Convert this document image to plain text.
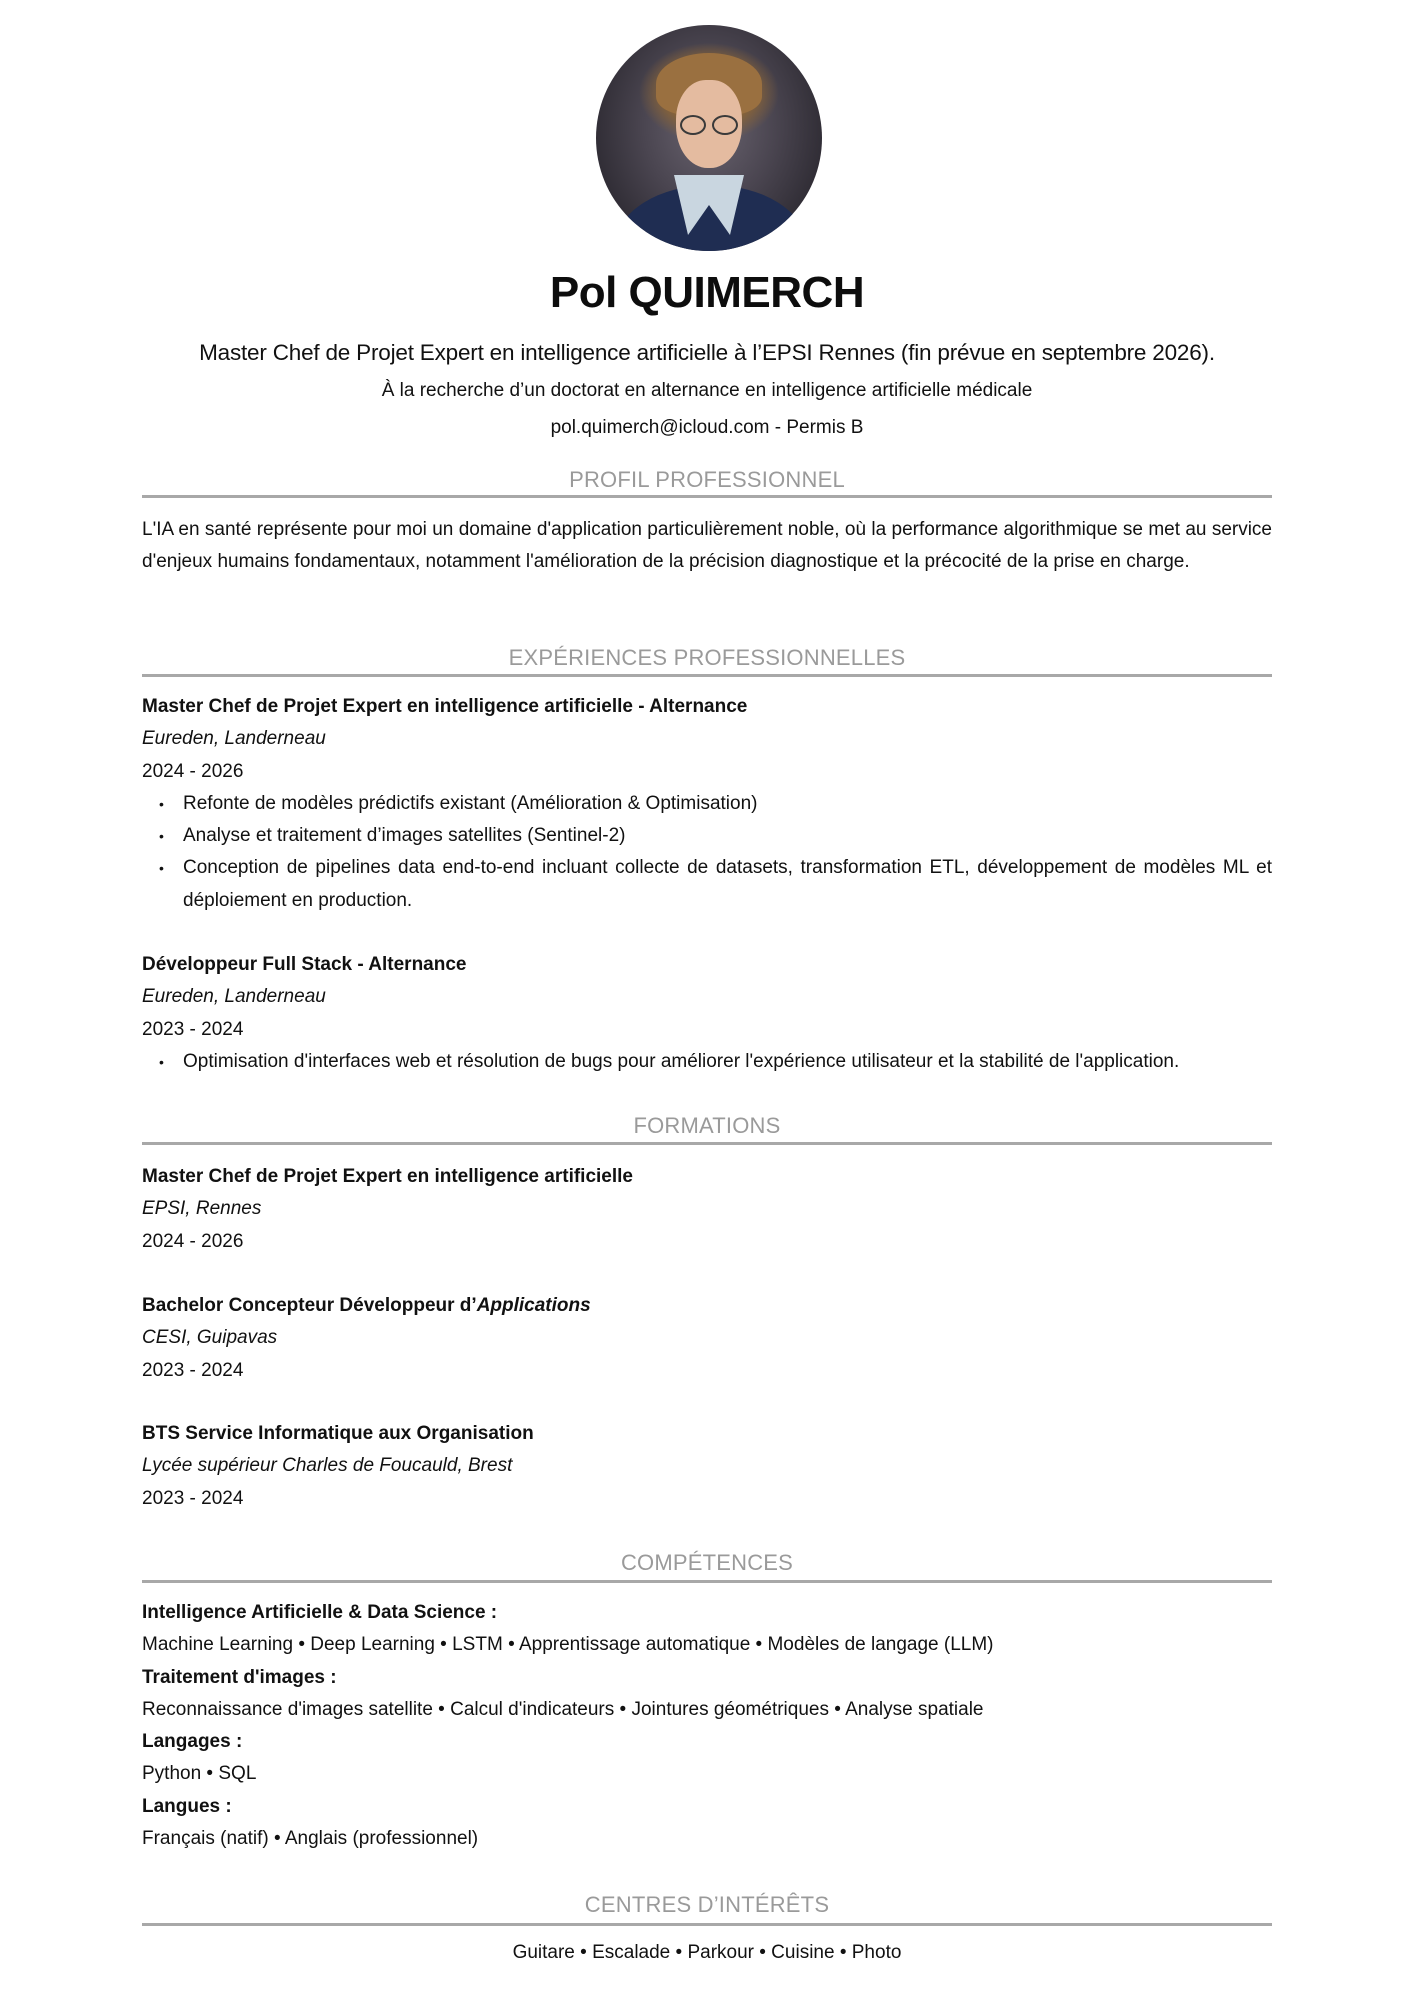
Pol QUIMERCH
Master Chef de Projet Expert en intelligence artificielle à l’EPSI Rennes (fin prévue en septembre 2026).
À la recherche d’un doctorat en alternance en intelligence artificielle médicale
pol.quimerch@icloud.com - Permis B
PROFIL PROFESSIONNEL
L'IA en santé représente pour moi un domaine d'application particulièrement noble, où la performance algorithmique se met au service d'enjeux humains fondamentaux, notamment l'amélioration de la précision diagnostique et la précocité de la prise en charge.
EXPÉRIENCES PROFESSIONNELLES
Master Chef de Projet Expert en intelligence artificielle - Alternance
Eureden, Landerneau
2024 - 2026
• Refonte de modèles prédictifs existant (Amélioration & Optimisation)
• Analyse et traitement d’images satellites (Sentinel-2)
• Conception de pipelines data end-to-end incluant collecte de datasets, transformation ETL, développement de modèles ML et déploiement en production.
Développeur Full Stack - Alternance
Eureden, Landerneau
2023 - 2024
• Optimisation d'interfaces web et résolution de bugs pour améliorer l'expérience utilisateur et la stabilité de l'application.
FORMATIONS
Master Chef de Projet Expert en intelligence artificielle
EPSI, Rennes
2024 - 2026
Bachelor Concepteur Développeur d’Applications
CESI, Guipavas
2023 - 2024
BTS Service Informatique aux Organisation
Lycée supérieur Charles de Foucauld, Brest
2023 - 2024
COMPÉTENCES
Intelligence Artificielle & Data Science :
Machine Learning • Deep Learning • LSTM • Apprentissage automatique • Modèles de langage (LLM)
Traitement d'images :
Reconnaissance d'images satellite • Calcul d'indicateurs • Jointures géométriques • Analyse spatiale
Langages :
Python • SQL
Langues :
Français (natif) • Anglais (professionnel)
CENTRES D’INTÉRÊTS
Guitare • Escalade • Parkour • Cuisine • Photo
